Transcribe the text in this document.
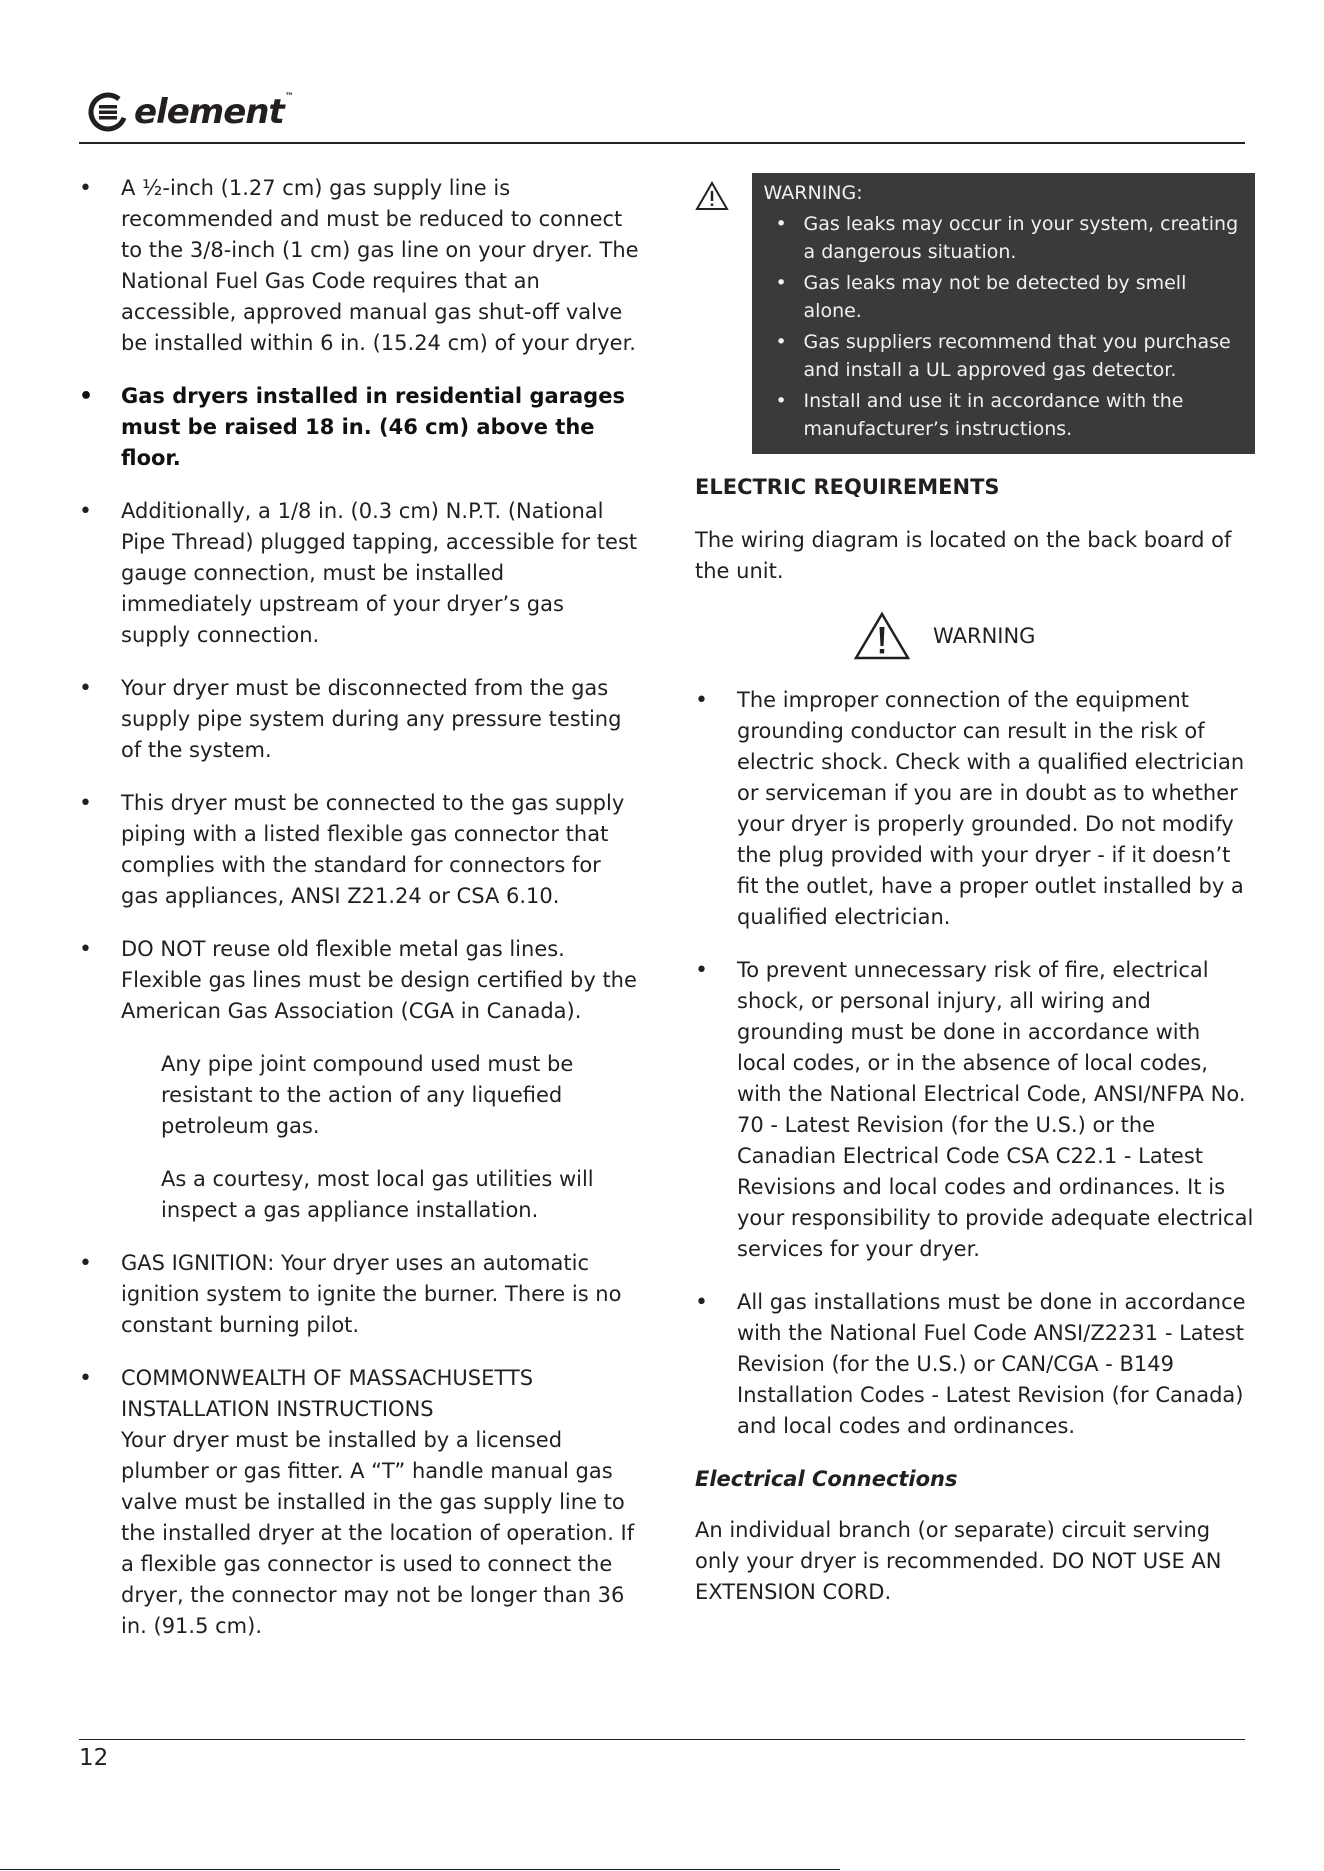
element™
• A ½-inch (1.27 cm) gas supply line is recommended and must be reduced to connect to the 3/8-inch (1 cm) gas line on your dryer. The National Fuel Gas Code requires that an accessible, approved manual gas shut-off valve be installed within 6 in. (15.24 cm) of your dryer.
• Gas dryers installed in residential garages must be raised 18 in. (46 cm) above the floor.
• Additionally, a 1/8 in. (0.3 cm) N.P.T. (National Pipe Thread) plugged tapping, accessible for test gauge connection, must be installed immediately upstream of your dryer’s gas supply connection.
• Your dryer must be disconnected from the gas supply pipe system during any pressure testing of the system.
• This dryer must be connected to the gas supply piping with a listed flexible gas connector that complies with the standard for connectors for gas appliances, ANSI Z21.24 or CSA 6.10.
• DO NOT reuse old flexible metal gas lines. Flexible gas lines must be design certified by the American Gas Association (CGA in Canada).
Any pipe joint compound used must be resistant to the action of any liquefied petroleum gas.
As a courtesy, most local gas utilities will inspect a gas appliance installation.
• GAS IGNITION: Your dryer uses an automatic ignition system to ignite the burner. There is no constant burning pilot.
• COMMONWEALTH OF MASSACHUSETTS INSTALLATION INSTRUCTIONS
Your dryer must be installed by a licensed plumber or gas fitter. A “T” handle manual gas valve must be installed in the gas supply line to the installed dryer at the location of operation. If a flexible gas connector is used to connect the dryer, the connector may not be longer than 36 in. (91.5 cm).
WARNING:
• Gas leaks may occur in your system, creating a dangerous situation.
• Gas leaks may not be detected by smell alone.
• Gas suppliers recommend that you purchase and install a UL approved gas detector.
• Install and use it in accordance with the manufacturer’s instructions.
ELECTRIC REQUIREMENTS
The wiring diagram is located on the back board of the unit.
WARNING
• The improper connection of the equipment grounding conductor can result in the risk of electric shock. Check with a qualified electrician or serviceman if you are in doubt as to whether your dryer is properly grounded. Do not modify the plug provided with your dryer - if it doesn’t fit the outlet, have a proper outlet installed by a qualified electrician.
• To prevent unnecessary risk of fire, electrical shock, or personal injury, all wiring and grounding must be done in accordance with local codes, or in the absence of local codes, with the National Electrical Code, ANSI/NFPA No. 70 - Latest Revision (for the U.S.) or the Canadian Electrical Code CSA C22.1 - Latest Revisions and local codes and ordinances. It is your responsibility to provide adequate electrical services for your dryer.
• All gas installations must be done in accordance with the National Fuel Code ANSI/Z2231 - Latest Revision (for the U.S.) or CAN/CGA - B149 Installation Codes - Latest Revision (for Canada) and local codes and ordinances.
Electrical Connections
An individual branch (or separate) circuit serving only your dryer is recommended. DO NOT USE AN EXTENSION CORD.
12
